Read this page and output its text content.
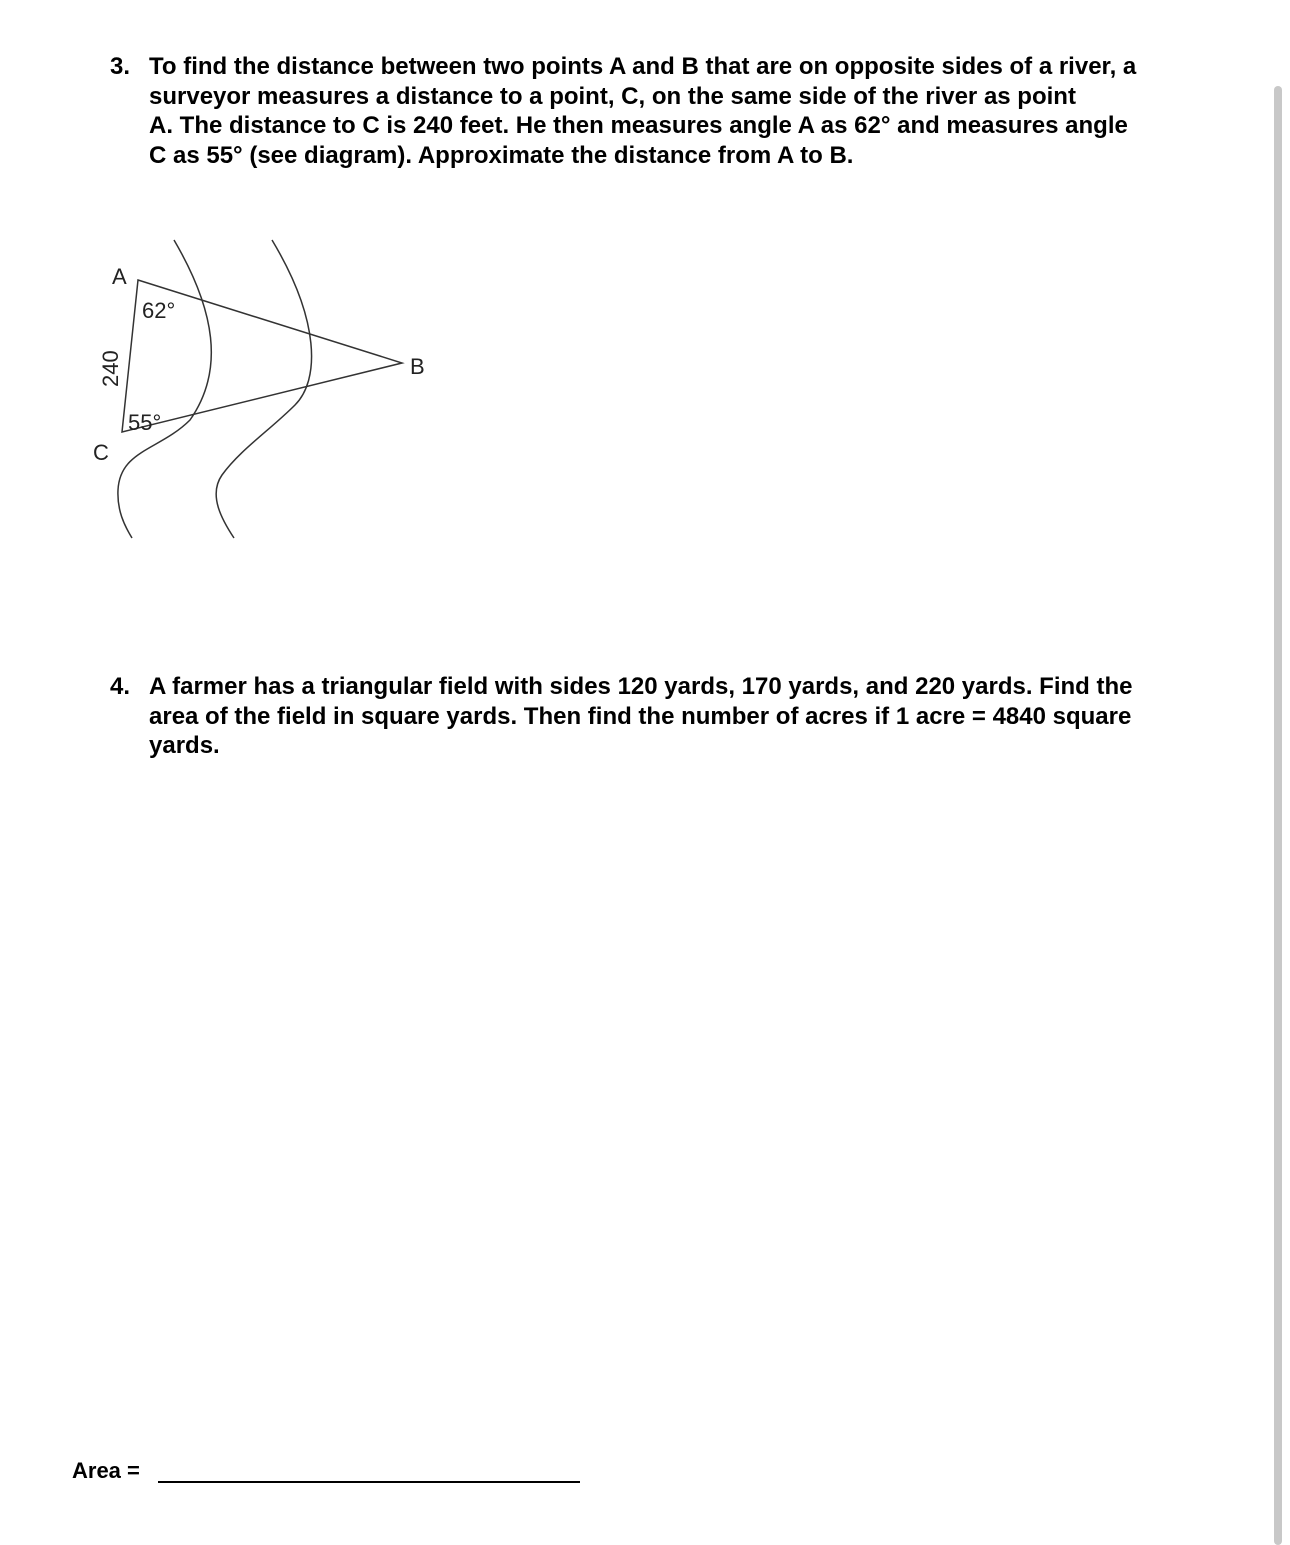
3. To find the distance between two points A and B that are on opposite sides of a river, a
surveyor measures a distance to a point, C, on the same side of the river as point
A. The distance to C is 240 feet. He then measures angle A as 62° and measures angle
C as 55° (see diagram). Approximate the distance from A to B.
A
B
C
62°
55°
240
4. A farmer has a triangular field with sides 120 yards, 170 yards, and 220 yards. Find the
area of the field in square yards. Then find the number of acres if 1 acre = 4840 square
yards.
Area =
